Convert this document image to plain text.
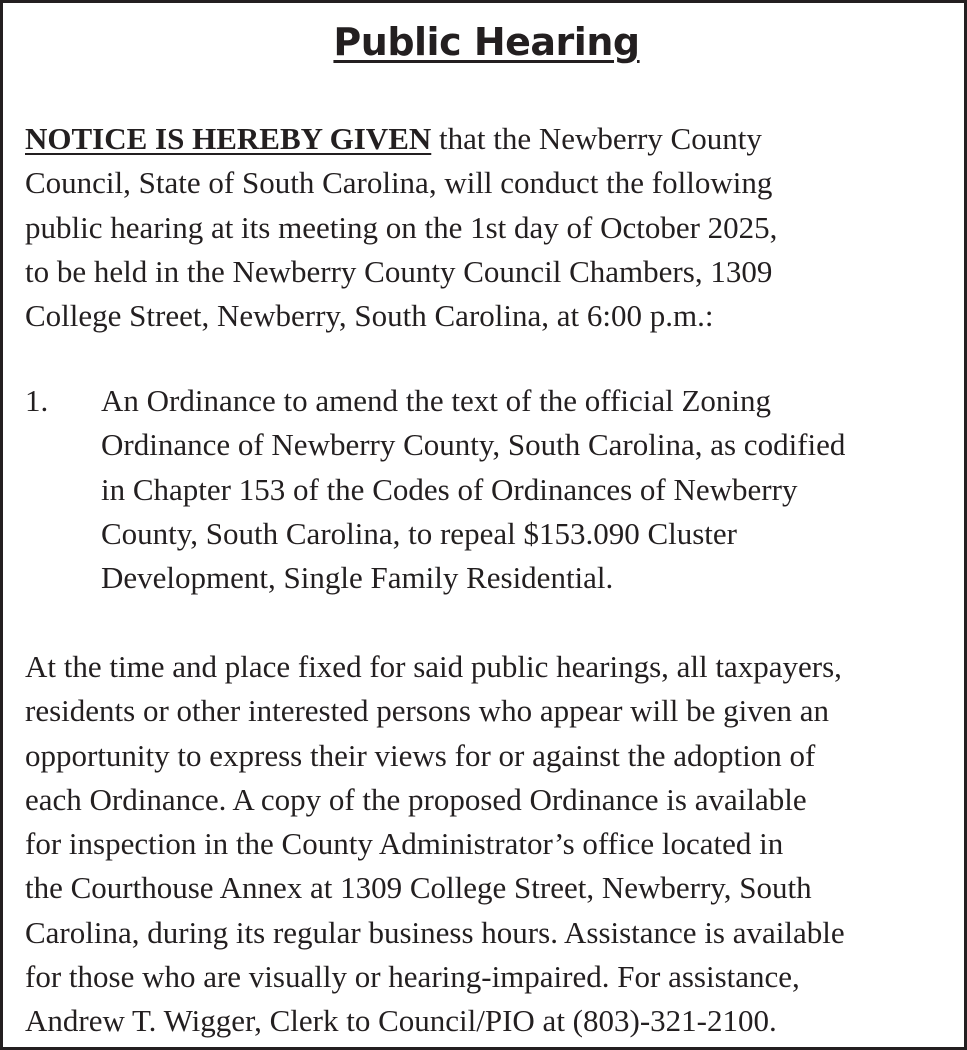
Public Hearing

NOTICE IS HEREBY GIVEN that the Newberry County
Council, State of South Carolina, will conduct the following
public hearing at its meeting on the 1st day of October 2025,
to be held in the Newberry County Council Chambers, 1309
College Street, Newberry, South Carolina, at 6:00 p.m.:

1. An Ordinance to amend the text of the official Zoning
Ordinance of Newberry County, South Carolina, as codified
in Chapter 153 of the Codes of Ordinances of Newberry
County, South Carolina, to repeal $153.090 Cluster
Development, Single Family Residential.

At the time and place fixed for said public hearings, all taxpayers,
residents or other interested persons who appear will be given an
opportunity to express their views for or against the adoption of
each Ordinance. A copy of the proposed Ordinance is available
for inspection in the County Administrator’s office located in
the Courthouse Annex at 1309 College Street, Newberry, South
Carolina, during its regular business hours. Assistance is available
for those who are visually or hearing-impaired. For assistance,
Andrew T. Wigger, Clerk to Council/PIO at (803)-321-2100.
